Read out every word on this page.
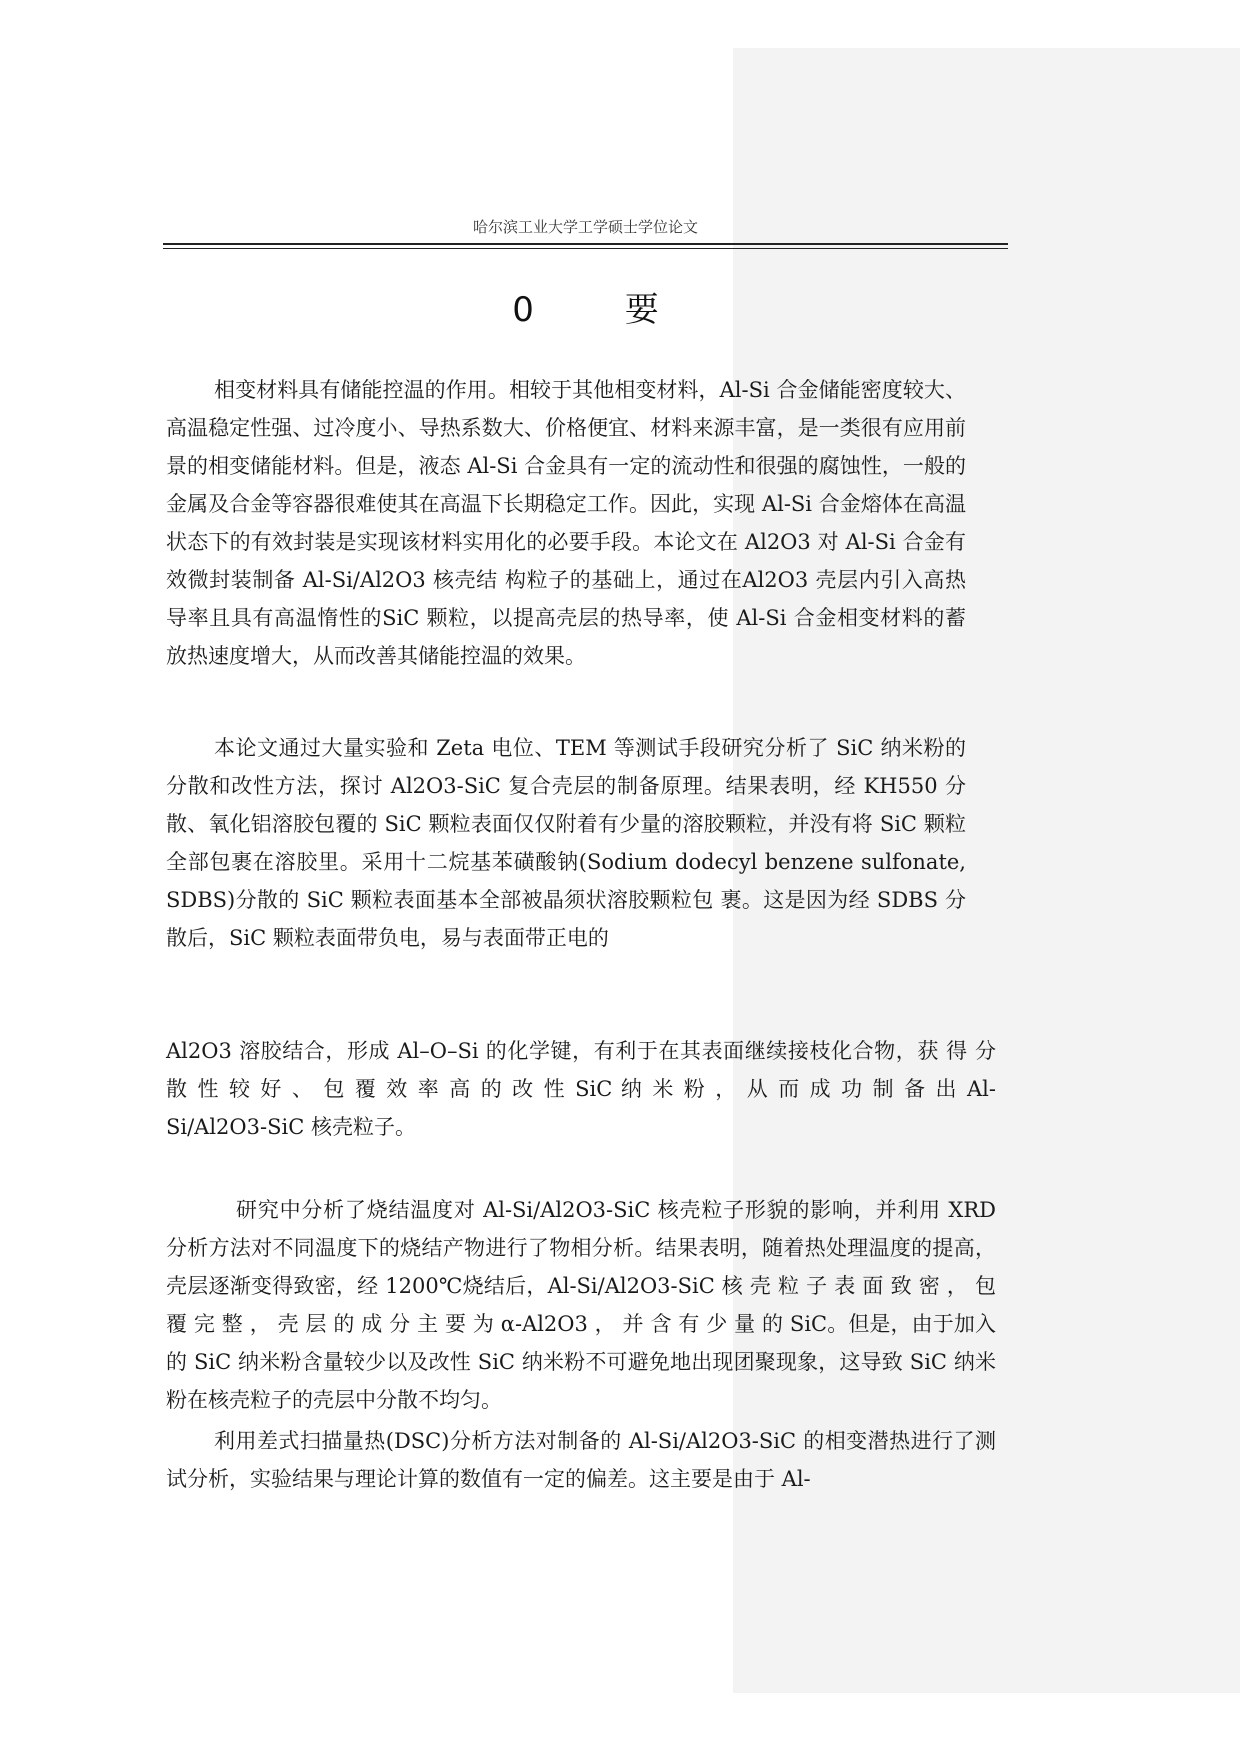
哈尔滨工业大学工学硕士学位论文
0 要

相变材料具有储能控温的作用。相较于其他相变材料，Al-Si 合金储能密度较大、高温稳定性强、过冷度小、导热系数大、价格便宜、材料来源丰富，是一类很有应用前景的相变储能材料。但是，液态 Al-Si 合金具有一定的流动性和很强的腐蚀性，一般的金属及合金等容器很难使其在高温下长期稳定工作。因此，实现 Al-Si 合金熔体在高温状态下的有效封装是实现该材料实用化的必要手段。本论文在 Al2O3 对 Al-Si 合金有效微封装制备 Al-Si/Al2O3 核壳结 构粒子的基础上，通过在Al2O3 壳层内引入高热导率且具有高温惰性的SiC 颗粒，以提高壳层的热导率，使 Al-Si 合金相变材料的蓄放热速度增大，从而改善其储能控温的效果。

本论文通过大量实验和 Zeta 电位、TEM 等测试手段研究分析了 SiC 纳米粉的分散和改性方法，探讨 Al2O3-SiC 复合壳层的制备原理。结果表明，经 KH550 分散、氧化铝溶胶包覆的 SiC 颗粒表面仅仅附着有少量的溶胶颗粒，并没有将 SiC 颗粒全部包裹在溶胶里。采用十二烷基苯磺酸钠(Sodium dodecyl benzene sulfonate, SDBS)分散的 SiC 颗粒表面基本全部被晶须状溶胶颗粒包 裹。这是因为经 SDBS 分散后，SiC 颗粒表面带负电，易与表面带正电的

Al2O3 溶胶结合，形成 Al–O–Si 的化学键，有利于在其表面继续接枝化合物，获 得 分 散 性 较 好 、 包 覆 效 率 高 的 改 性 SiC 纳 米 粉 ， 从 而 成 功 制 备 出 Al-Si/Al2O3-SiC 核壳粒子。

研究中分析了烧结温度对 Al-Si/Al2O3-SiC 核壳粒子形貌的影响，并利用 XRD 分析方法对不同温度下的烧结产物进行了物相分析。结果表明，随着热处理温度的提高，壳层逐渐变得致密，经 1200℃烧结后，Al-Si/Al2O3-SiC 核 壳 粒 子 表 面 致 密 ， 包 覆 完 整 ， 壳 层 的 成 分 主 要 为 α-Al2O3 ， 并 含 有 少 量 的 SiC。但是，由于加入的 SiC 纳米粉含量较少以及改性 SiC 纳米粉不可避免地出现团聚现象，这导致 SiC 纳米粉在核壳粒子的壳层中分散不均匀。

利用差式扫描量热(DSC)分析方法对制备的 Al-Si/Al2O3-SiC 的相变潜热进行了测试分析，实验结果与理论计算的数值有一定的偏差。这主要是由于 Al-
